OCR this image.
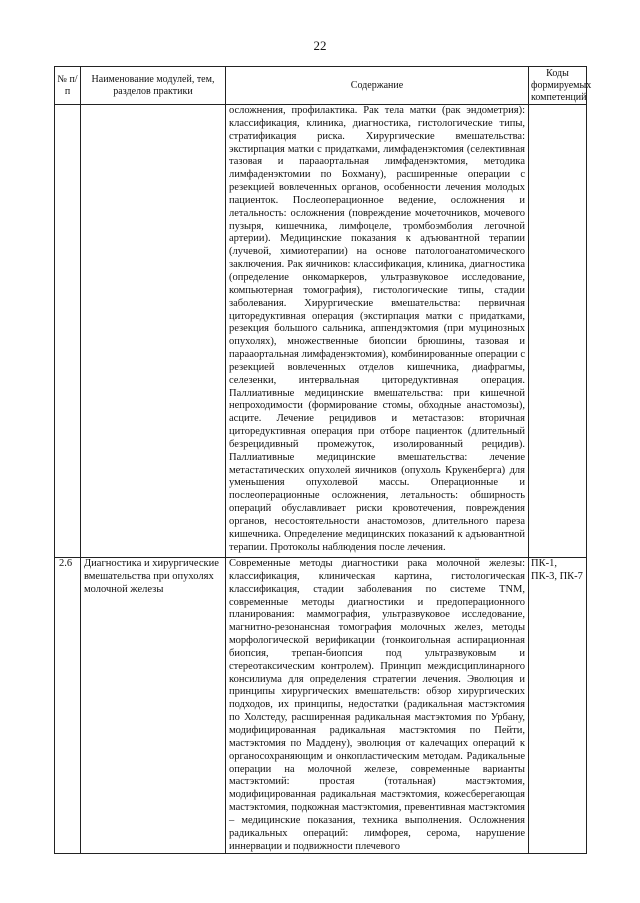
22
№ п/п	Наименование модулей, тем, разделов практики	Содержание	Коды формируемых компетенций
		осложнения, профилактика. Рак тела матки (рак эндометрия): классификация, клиника, диагностика, гистологические типы, стратификация риска. Хирургические вмешательства: экстирпация матки с придатками, лимфаденэктомия (селективная тазовая и парааортальная лимфаденэктомия, методика лимфаденэктомии по Бохману), расширенные операции с резекцией вовлеченных органов, особенности лечения молодых пациенток. Послеоперационное ведение, осложнения и летальность: осложнения (повреждение мочеточников, мочевого пузыря, кишечника, лимфоцеле, тромбоэмболия легочной артерии). Медицинские показания к адъювантной терапии (лучевой, химиотерапии) на основе патологоанатомического заключения. Рак яичников: классификация, клиника, диагностика (определение онкомаркеров, ультразвуковое исследование, компьютерная томография), гистологические типы, стадии заболевания. Хирургические вмешательства: первичная циторедуктивная операция (экстирпация матки с придатками, резекция большого сальника, аппендэктомия (при муцинозных опухолях), множественные биопсии брюшины, тазовая и парааортальная лимфаденэктомия), комбинированные операции с резекцией вовлеченных отделов кишечника, диафрагмы, селезенки, интервальная циторедуктивная операция. Паллиативные медицинские вмешательства: при кишечной непроходимости (формирование стомы, обходные анастомозы), асците. Лечение рецидивов и метастазов: вторичная циторедуктивная операция при отборе пациенток (длительный безрецидивный промежуток, изолированный рецидив). Паллиативные медицинские вмешательства: лечение метастатических опухолей яичников (опухоль Крукенберга) для уменьшения опухолевой массы. Операционные и послеоперационные осложнения, летальность: обширность операций обуславливает риски кровотечения, повреждения органов, несостоятельности анастомозов, длительного пареза кишечника. Определение медицинских показаний к адъювантной терапии. Протоколы наблюдения после лечения.	
2.6	Диагностика и хирургические вмешательства при опухолях молочной железы	Современные методы диагностики рака молочной железы: классификация, клиническая картина, гистологическая классификация, стадии заболевания по системе TNM, современные методы диагностики и предоперационного планирования: маммография, ультразвуковое исследование, магнитно-резонансная томография молочных желез, методы морфологической верификации (тонкоигольная аспирационная биопсия, трепан-биопсия под ультразвуковым и стереотаксическим контролем). Принцип междисциплинарного консилиума для определения стратегии лечения. Эволюция и принципы хирургических вмешательств: обзор хирургических подходов, их принципы, недостатки (радикальная мастэктомия по Холстеду, расширенная радикальная мастэктомия по Урбану, модифицированная радикальная мастэктомия по Пейти, мастэктомия по Маддену), эволюция от калечащих операций к органосохраняющим и онкопластическим методам. Радикальные операции на молочной железе, современные варианты мастэктомий: простая (тотальная) мастэктомия, модифицированная радикальная мастэктомия, кожесберегающая мастэктомия, подкожная мастэктомия, превентивная мастэктомия – медицинские показания, техника выполнения. Осложнения радикальных операций: лимфорея, серома, нарушение иннервации и подвижности плечевого	ПК-1, ПК-3, ПК-7
